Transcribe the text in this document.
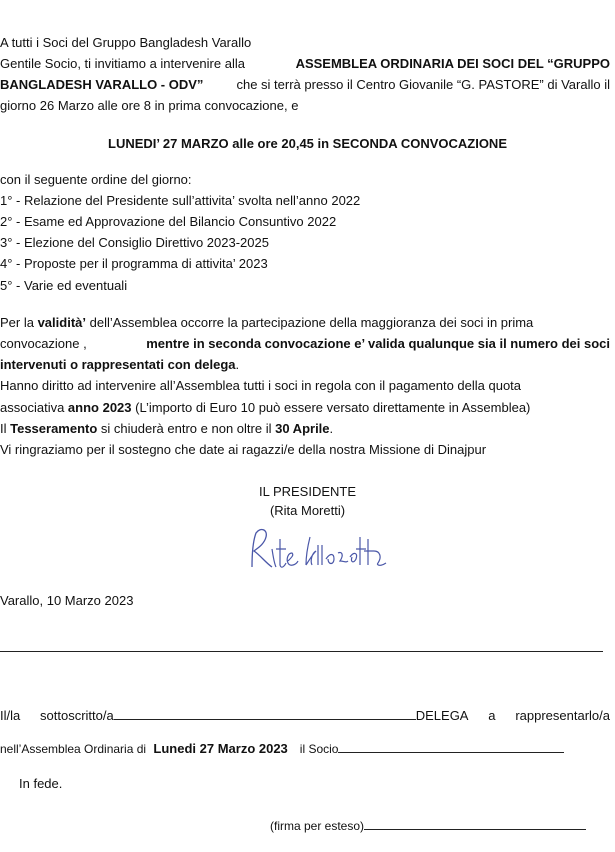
A tutti i Soci del Gruppo Bangladesh Varallo
Gentile Socio, ti invitiamo a intervenire alla	ASSEMBLEA ORDINARIA DEI SOCI DEL “GRUPPO
BANGLADESH VARALLO - ODV”	che si terrà presso il Centro Giovanile “G. PASTORE” di Varallo il
giorno 26 Marzo alle ore 8 in prima convocazione, e
LUNEDI’ 27 MARZO alle ore 20,45 in SECONDA CONVOCAZIONE
con il seguente ordine del giorno:
1° - Relazione del Presidente sull’attivita’ svolta nell’anno 2022
2° - Esame ed Approvazione del Bilancio Consuntivo 2022
3° - Elezione del Consiglio Direttivo 2023-2025
4° - Proposte per il programma di attivita’ 2023
5° - Varie ed eventuali
Per la validità’ dell’Assemblea occorre la partecipazione della maggioranza dei soci in prima
convocazione ,	mentre in seconda convocazione e’ valida qualunque sia il numero dei soci
intervenuti o rappresentati con delega.
Hanno diritto ad intervenire all’Assemblea tutti i soci in regola con il pagamento della quota
associativa anno 2023 (L’importo di Euro 10 può essere versato direttamente in Assemblea)
Il Tesseramento si chiuderà entro e non oltre il 30 Aprile.
Vi ringraziamo per il sostegno che date ai ragazzi/e della nostra Missione di Dinajpur
IL PRESIDENTE
(Rita Moretti)
Varallo, 10 Marzo 2023
Il/la sottoscritto/a	DELEGA a rappresentarlo/a
nell’Assemblea Ordinaria di Lunedi 27 Marzo 2023 il Socio
In fede.
(firma per esteso)
